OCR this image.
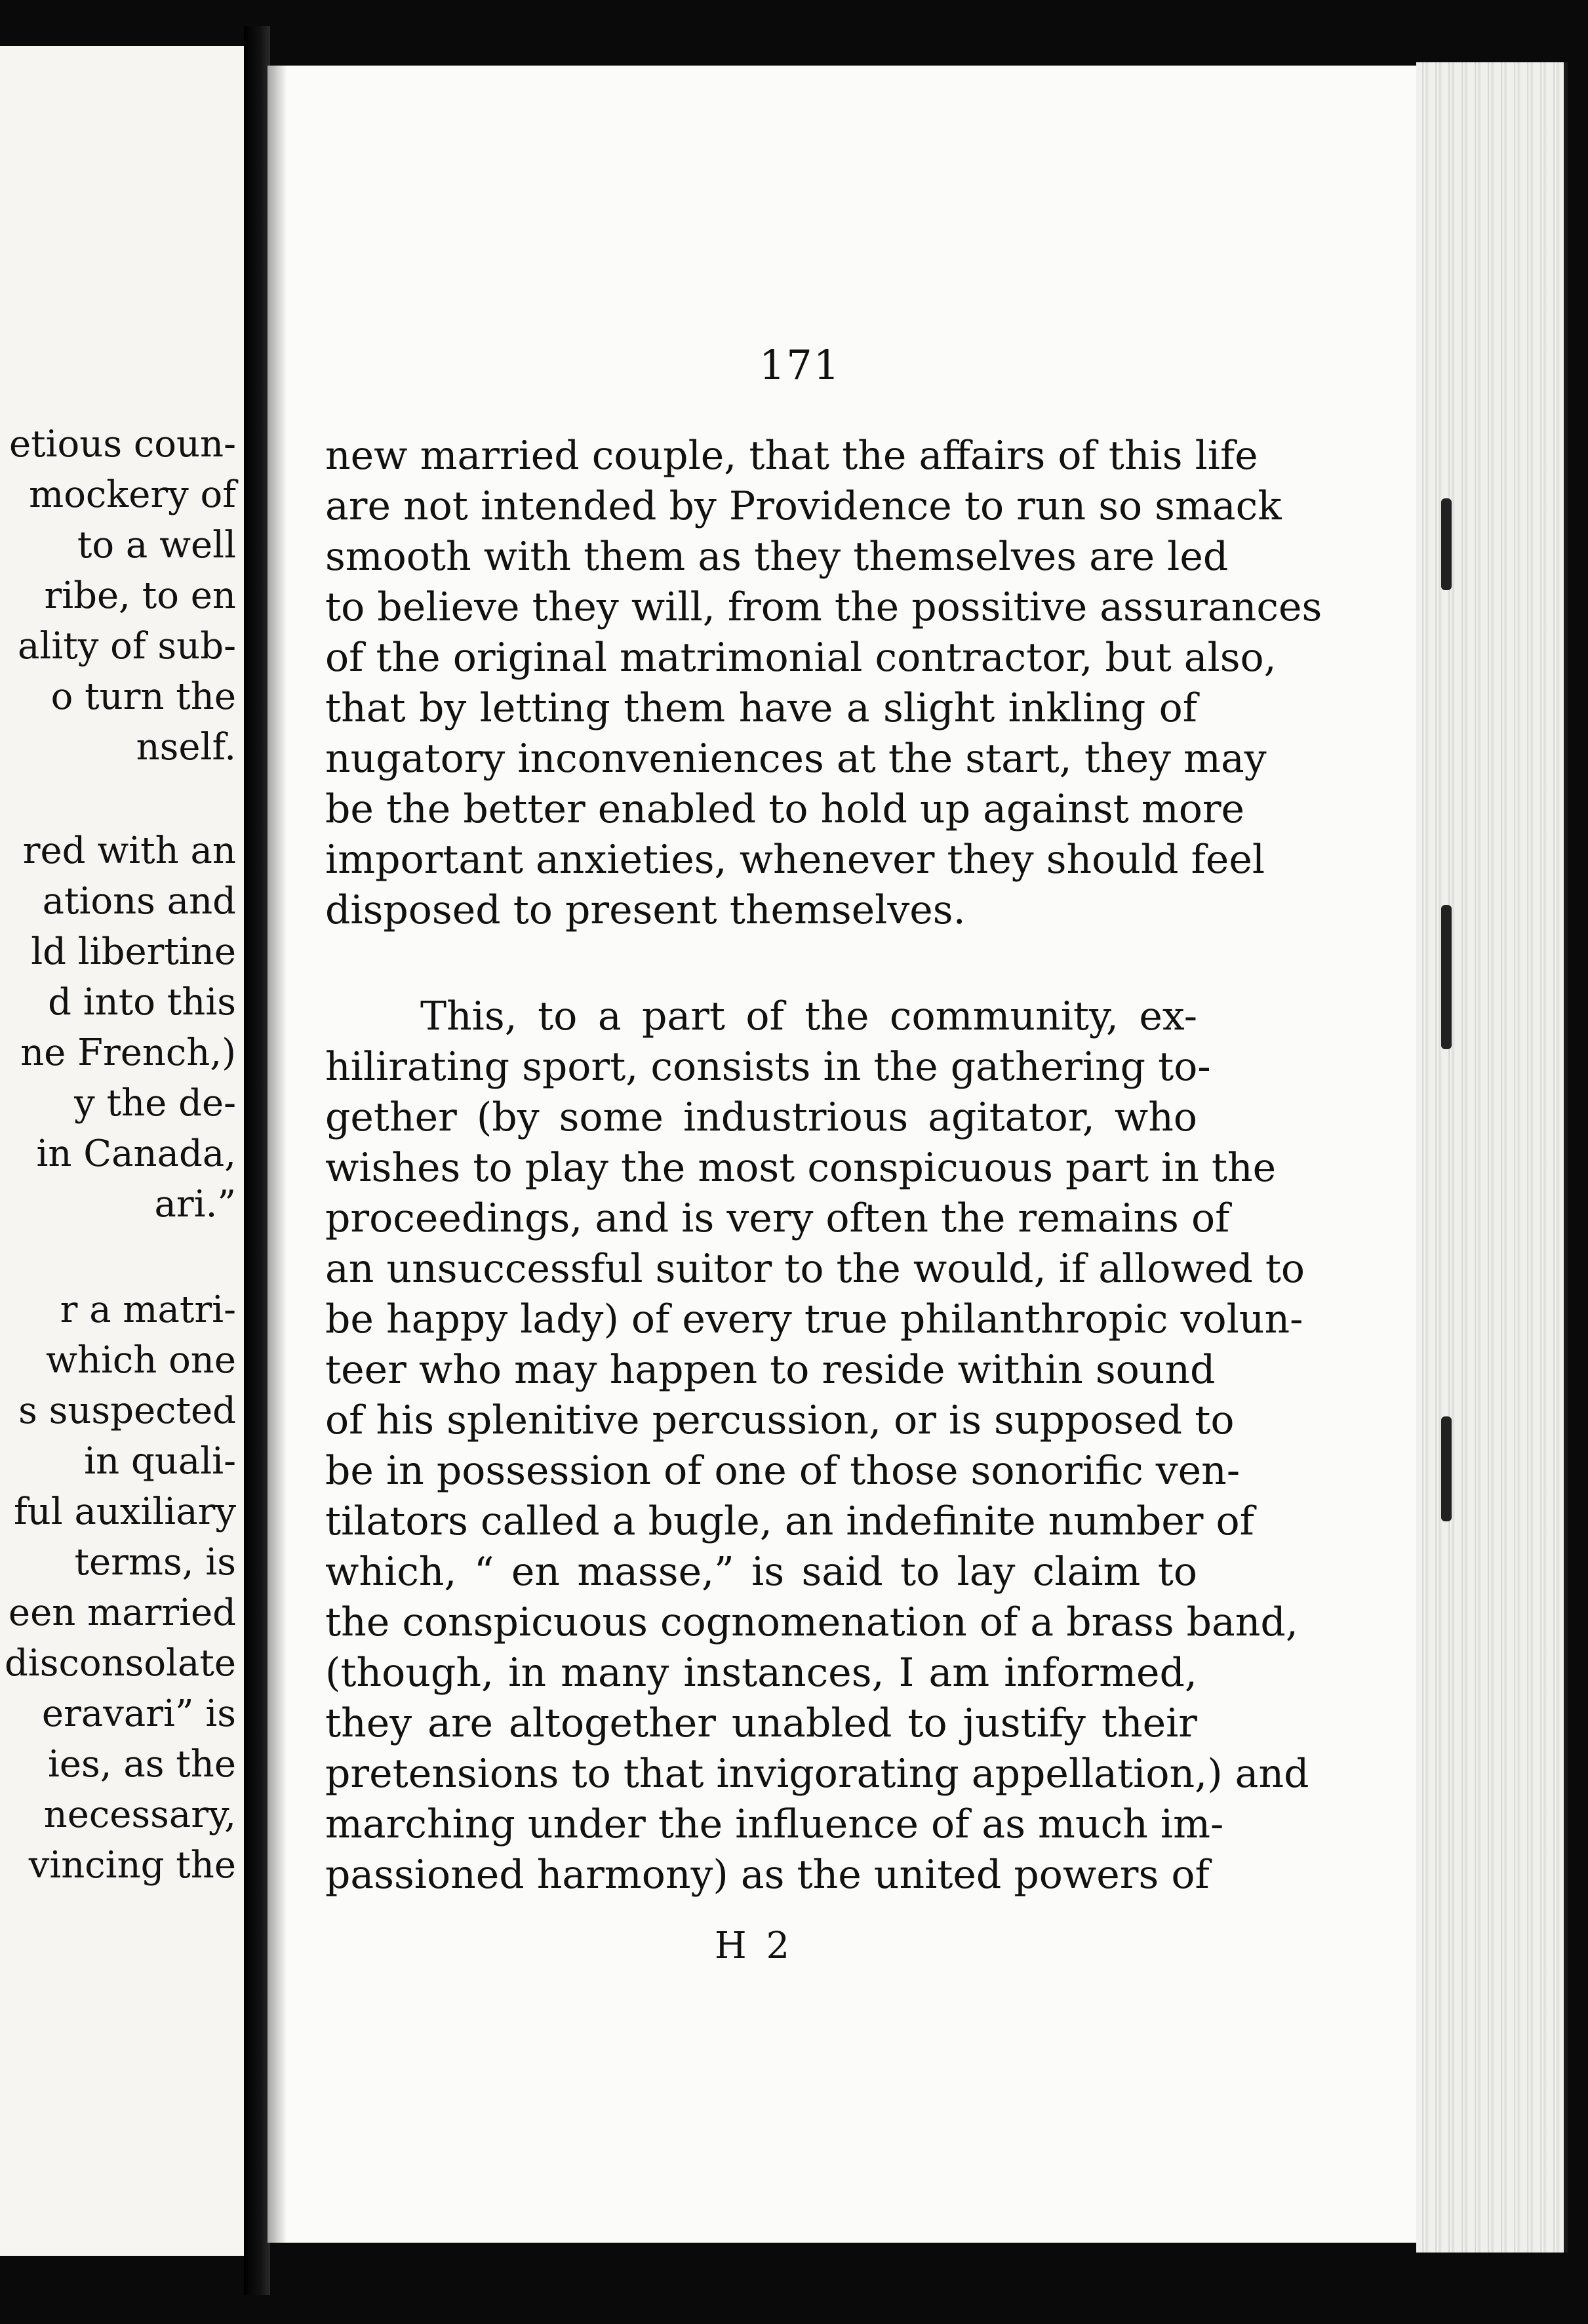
171
new married couple, that the affairs of this life
are not intended by Providence to run so smack
smooth with them as they themselves are led
to believe they will, from the possitive assurances
of the original matrimonial contractor, but also,
that by letting them have a slight inkling of
nugatory inconveniences at the start, they may
be the better enabled to hold up against more
important anxieties, whenever they should feel
disposed to present themselves.
This, to a part of the community, ex-
hilirating sport, consists in the gathering to-
gether (by some industrious agitator, who
wishes to play the most conspicuous part in the
proceedings, and is very often the remains of
an unsuccessful suitor to the would, if allowed to
be happy lady) of every true philanthropic volun-
teer who may happen to reside within sound
of his splenitive percussion, or is supposed to
be in possession of one of those sonorific ven-
tilators called a bugle, an indefinite number of
which, “ en masse,” is said to lay claim to
the conspicuous cognomenation of a brass band,
(though, in many instances, I am informed,
they are altogether unabled to justify their
pretensions to that invigorating appellation,) and
marching under the influence of as much im-
passioned harmony) as the united powers of
H 2
etious coun-
mockery of
to a well
ribe, to en
ality of sub-
o turn the
nself.
red with an
ations and
ld libertine
d into this
ne French,)
y the de-
in Canada,
ari.”
r a matri-
which one
s suspected
in quali-
ful auxiliary
terms, is
een married
disconsolate
eravari” is
ies, as the
necessary,
vincing the
